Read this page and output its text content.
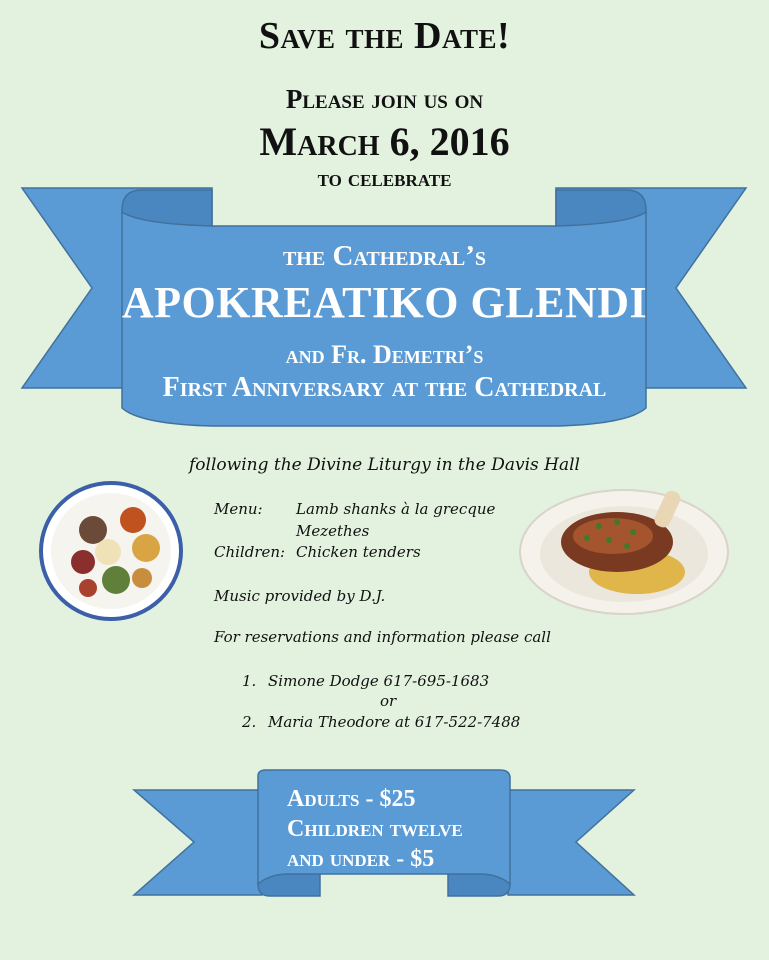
Save the Date!
Please join us on
March 6, 2016
to celebrate
the Cathedral’s
APOKREATIKO GLENDI
and Fr. Demetri’s
First Anniversary at the Cathedral
following the Divine Liturgy in the Davis Hall
Menu: Lamb shanks à la grecque
Mezethes
Children: Chicken tenders
Music provided by D.J.
For reservations and information please call
1. Simone Dodge 617-695-1683
or
2. Maria Theodore at 617-522-7488
Adults - $25
Children twelve
and under - $5
